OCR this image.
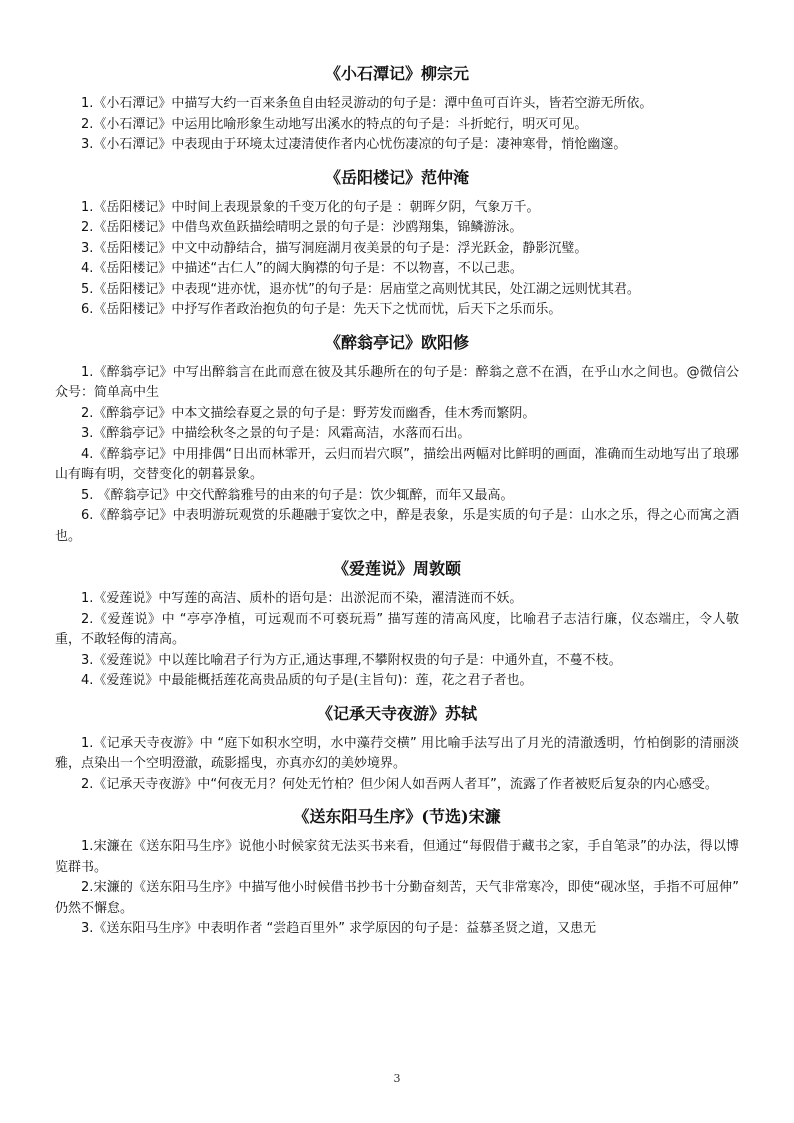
《小石潭记》柳宗元

1.《小石潭记》中描写大约一百来条鱼自由轻灵游动的句子是：潭中鱼可百许头，皆若空游无所依。

2.《小石潭记》中运用比喻形象生动地写出溪水的特点的句子是：斗折蛇行，明灭可见。

3.《小石潭记》中表现由于环境太过凄清使作者内心忧伤凄凉的句子是：凄神寒骨，悄怆幽邃。

《岳阳楼记》范仲淹

1.《岳阳楼记》中时间上表现景象的千变万化的句子是 ：朝晖夕阴，气象万千。

2.《岳阳楼记》中借鸟欢鱼跃描绘晴明之景的句子是：沙鸥翔集，锦鳞游泳。

3.《岳阳楼记》中文中动静结合，描写洞庭湖月夜美景的句子是：浮光跃金，静影沉璧。

4.《岳阳楼记》中描述“古仁人”的阔大胸襟的句子是：不以物喜，不以己悲。

5.《岳阳楼记》中表现“进亦忧，退亦忧”的句子是：居庙堂之高则忧其民，处江湖之远则忧其君。

6.《岳阳楼记》中抒写作者政治抱负的句子是：先天下之忧而忧，后天下之乐而乐。

《醉翁亭记》欧阳修

1.《醉翁亭记》中写出醉翁言在此而意在彼及其乐趣所在的句子是：醉翁之意不在酒，在乎山水之间也。@微信公众号：简单高中生

2.《醉翁亭记》中本文描绘春夏之景的句子是：野芳发而幽香，佳木秀而繁阴。

3.《醉翁亭记》中描绘秋冬之景的句子是：风霜高洁，水落而石出。

4.《醉翁亭记》中用排偶“日出而林霏开，云归而岩穴暝”，描绘出两幅对比鲜明的画面，准确而生动地写出了琅琊山有晦有明，交替变化的朝暮景象。

5. 《醉翁亭记》中交代醉翁雅号的由来的句子是：饮少辄醉，而年又最高。

6.《醉翁亭记》中表明游玩观赏的乐趣融于宴饮之中，醉是表象，乐是实质的句子是：山水之乐，得之心而寓之酒也。

《爱莲说》周敦颐

1.《爱莲说》中写莲的高洁、质朴的语句是：出淤泥而不染，濯清涟而不妖。

2.《爱莲说》中 “亭亭净植，可远观而不可亵玩焉” 描写莲的清高风度，比喻君子志洁行廉，仪态端庄，令人敬重，不敢轻侮的清高。

3.《爱莲说》中以莲比喻君子行为方正,通达事理,不攀附权贵的句子是：中通外直，不蔓不枝。

4.《爱莲说》中最能概括莲花高贵品质的句子是(主旨句)：莲，花之君子者也。

《记承天寺夜游》苏轼

1.《记承天寺夜游》中 “庭下如积水空明，水中藻荇交横” 用比喻手法写出了月光的清澈透明，竹柏倒影的清丽淡雅，点染出一个空明澄澈，疏影摇曳，亦真亦幻的美妙境界。

2.《记承天寺夜游》中“何夜无月？何处无竹柏？但少闲人如吾两人者耳”，流露了作者被贬后复杂的内心感受。

《送东阳马生序》(节选)宋濂

1.宋濂在《送东阳马生序》说他小时候家贫无法买书来看，但通过“每假借于藏书之家，手自笔录”的办法，得以博览群书。

2.宋濂的《送东阳马生序》中描写他小时候借书抄书十分勤奋刻苦，天气非常寒冷，即使“砚冰坚，手指不可屈伸” 仍然不懈怠。

3.《送东阳马生序》中表明作者 “尝趋百里外” 求学原因的句子是：益慕圣贤之道，又患无

3
